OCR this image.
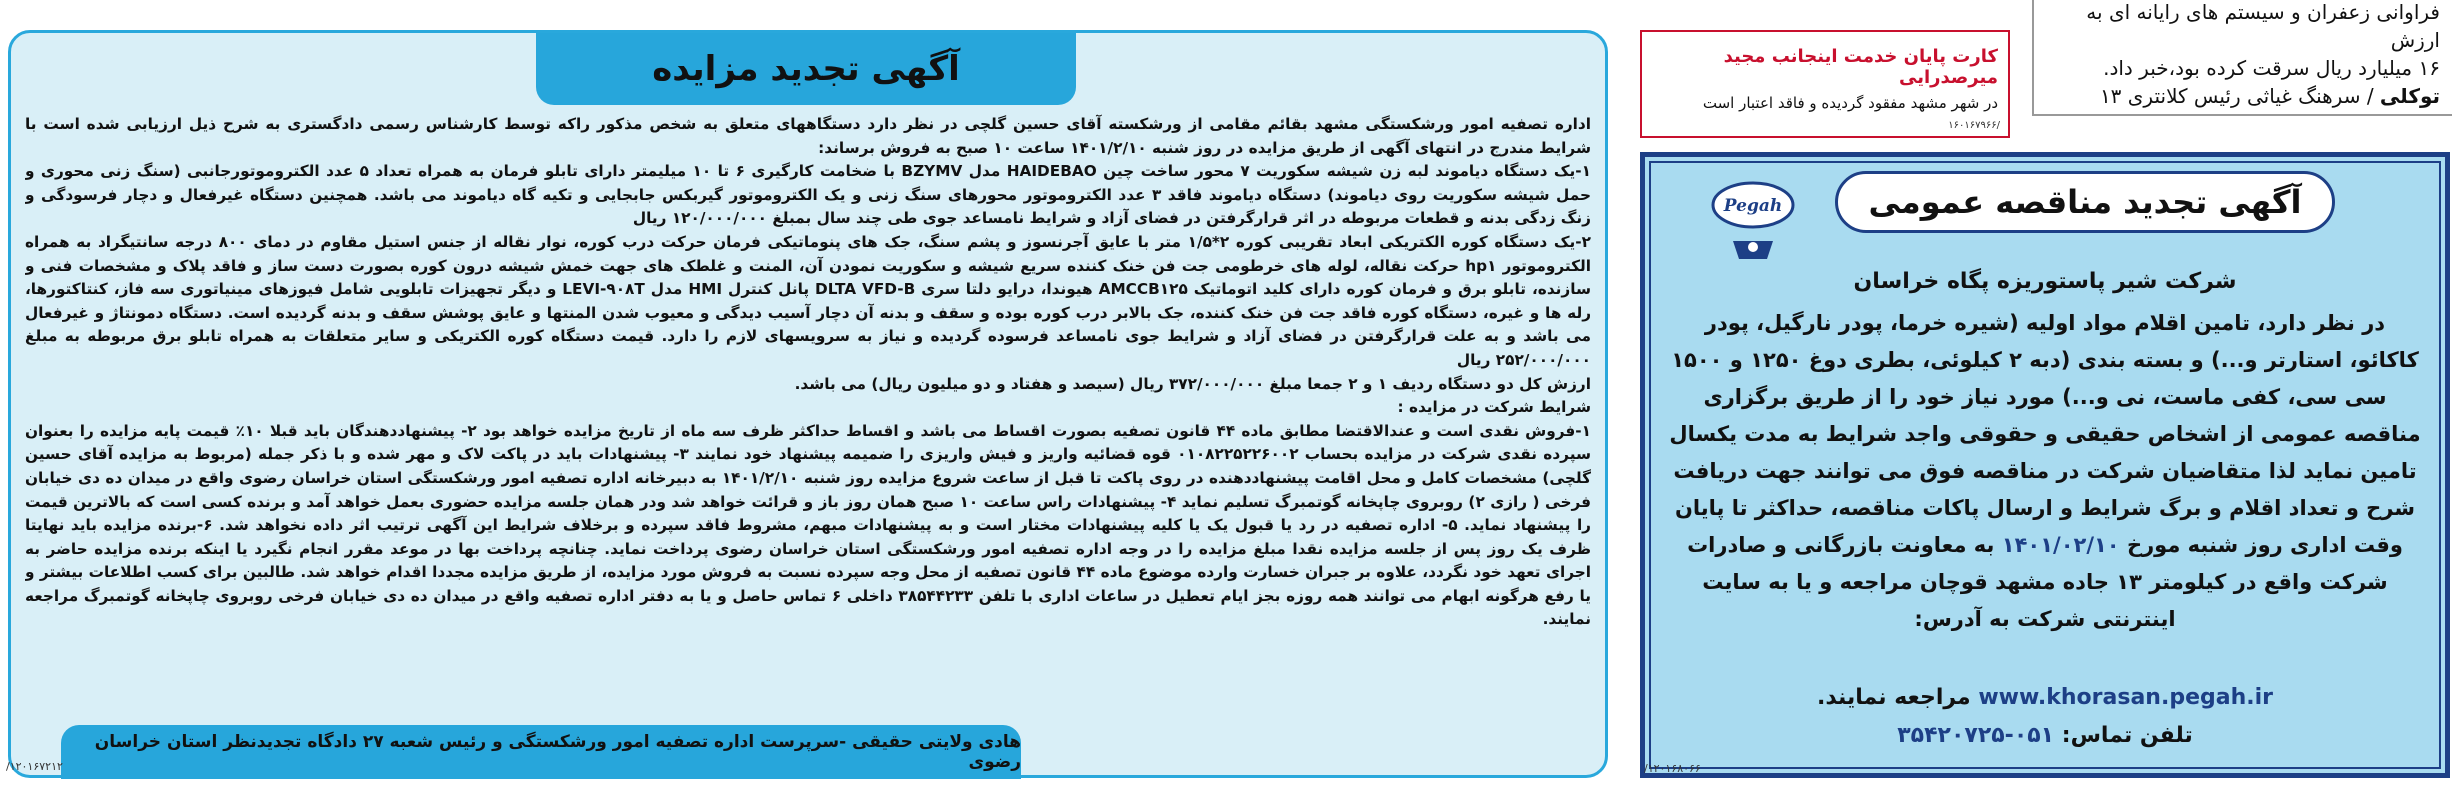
آگهی تجدید مزایده

اداره تصفیه امور ورشکستگی مشهد بقائم مقامی از ورشکسته آقای حسین گلچی در نظر دارد دستگاههای متعلق به شخص مذکور راکه توسط کارشناس رسمی دادگستری به شرح ذیل ارزیابی شده است با شرایط مندرج در انتهای آگهی از طریق مزایده در روز شنبه ۱۴۰۱/۲/۱۰ ساعت ۱۰ صبح به فروش برساند:

۱-یک دستگاه دیاموند لبه زن شیشه سکوریت ۷ محور ساخت چین HAIDEBAO مدل BZYMV با ضخامت کارگیری ۶ تا ۱۰ میلیمتر دارای تابلو فرمان به همراه تعداد ۵ عدد الکتروموتورجانبی (سنگ زنی محوری و حمل شیشه سکوریت روی دیاموند) دستگاه دیاموند فاقد ۳ عدد الکتروموتور محورهای سنگ زنی و یک الکتروموتور گیربکس جابجایی و تکیه گاه دیاموند می باشد. همچنین دستگاه غیرفعال و دچار فرسودگی و زنگ زدگی بدنه و قطعات مربوطه در اثر قرارگرفتن در فضای آزاد و شرایط نامساعد جوی طی چند سال بمبلغ ۱۲۰/۰۰۰/۰۰۰ ریال

۲-یک دستگاه کوره الکتریکی ابعاد تقریبی کوره ۲*۱/۵ متر با عایق آجرنسوز و پشم سنگ، جک های پنوماتیکی فرمان حرکت درب کوره، نوار نقاله از جنس استیل مقاوم در دمای ۸۰۰ درجه سانتیگراد به همراه الکتروموتور hp۱ حرکت نقاله، لوله های خرطومی جت فن خنک کننده سریع شیشه و سکوریت نمودن آن، المنت و غلطک های جهت خمش شیشه درون کوره بصورت دست ساز و فاقد پلاک و مشخصات فنی و سازنده، تابلو برق و فرمان کوره دارای کلید اتوماتیک AMCCB۱۲۵ هیوندا، درایو دلتا سری DLTA VFD-B پانل کنترل HMI مدل LEVI-۹۰۸T و دیگر تجهیزات تابلویی شامل فیوزهای مینیاتوری سه فاز، کنتاکتورها، رله ها و غیره، دستگاه کوره فاقد جت فن خنک کننده، جک بالابر درب کوره بوده و سقف و بدنه آن دچار آسیب دیدگی و معیوب شدن المنتها و عایق پوشش سقف و بدنه گردیده است. دستگاه دمونتاژ و غیرفعال می باشد و به علت قرارگرفتن در فضای آزاد و شرایط جوی نامساعد فرسوده گردیده و نیاز به سرویسهای لازم را دارد. قیمت دستگاه کوره الکتریکی و سایر متعلقات به همراه تابلو برق مربوطه به مبلغ ۲۵۲/۰۰۰/۰۰۰ ریال

ارزش کل دو دستگاه ردیف ۱ و ۲ جمعا مبلغ ۳۷۲/۰۰۰/۰۰۰ ریال (سیصد و هفتاد و دو میلیون ریال) می باشد.

شرایط شرکت در مزایده :

۱-فروش نقدی است و عندالاقتضا مطابق ماده ۴۴ قانون تصفیه بصورت اقساط می باشد و اقساط حداکثر ظرف سه ماه از تاریخ مزایده خواهد بود ۲- پیشنهاددهندگان باید قبلا ۱۰٪ قیمت پایه مزایده را بعنوان سپرده نقدی شرکت در مزایده بحساب ۰۱۰۸۲۲۵۲۲۶۰۰۲ قوه قضائیه واریز و فیش واریزی را ضمیمه پیشنهاد خود نمایند ۳- پیشنهادات باید در پاکت لاک و مهر شده و با ذکر جمله (مربوط به مزایده آقای حسین گلچی) مشخصات کامل و محل اقامت پیشنهاددهنده در روی پاکت تا قبل از ساعت شروع مزایده روز شنبه ۱۴۰۱/۲/۱۰ به دبیرخانه اداره تصفیه امور ورشکستگی استان خراسان رضوی واقع در میدان ده دی خیابان فرخی ( رازی ۲) روبروی چاپخانه گوتمبرگ تسلیم نماید ۴- پیشنهادات راس ساعت ۱۰ صبح همان روز باز و قرائت خواهد شد ودر همان جلسه مزایده حضوری بعمل خواهد آمد و برنده کسی است که بالاترین قیمت را پیشنهاد نماید. ۵- اداره تصفیه در رد یا قبول یک یا کلیه پیشنهادات مختار است و به پیشنهادات مبهم، مشروط فاقد سپرده و برخلاف شرایط این آگهی ترتیب اثر داده نخواهد شد. ۶-برنده مزایده باید نهایتا ظرف یک روز پس از جلسه مزایده نقدا مبلغ مزایده را در وجه اداره تصفیه امور ورشکستگی استان خراسان رضوی پرداخت نماید. چنانچه پرداخت بها در موعد مقرر انجام نگیرد یا اینکه برنده مزایده حاضر به اجرای تعهد خود نگردد، علاوه بر جبران خسارت وارده موضوع ماده ۴۴ قانون تصفیه از محل وجه سپرده نسبت به فروش مورد مزایده، از طریق مزایده مجددا اقدام خواهد شد. طالبین برای کسب اطلاعات بیشتر و یا رفع هرگونه ابهام می توانند همه روزه بجز ایام تعطیل در ساعات اداری با تلفن ۳۸۵۴۴۲۳۳ داخلی ۶ تماس حاصل و یا به دفتر اداره تصفیه واقع در میدان ده دی خیابان فرخی روبروی چاپخانه گوتمبرگ مراجعه نمایند.

هادی ولایتی حقیقی -سرپرست اداره تصفیه امور ورشکستگی و رئیس شعبه ۲۷ دادگاه تجدیدنظر استان خراسان رضوی
/۱۲۰۱۶۷۲۱۲
کارت پایان خدمت اینجانب مجید میرصدرایی
در شهر مشهد مفقود گردیده و فاقد اعتبار است
/۱۶۰۱۶۷۹۶۶

فراوانی زعفران و سیستم های رایانه ای به ارزش

۱۶ میلیارد ریال سرقت کرده بود،خبر داد.

توکلی / سرهنگ غیاثی رئیس کلانتری ۱۳

آگهی تجدید مناقصه عمومی
Pegah
شرکت شیر پاستوریزه پگاه خراسان

در نظر دارد، تامین اقلام مواد اولیه (شیره خرما، پودر نارگیل، پودر کاکائو، استارتر و...) و بسته بندی (دبه ۲ کیلوئی، بطری دوغ ۱۲۵۰ و ۱۵۰۰ سی سی، کفی ماست، نی و...) مورد نیاز خود را از طریق برگزاری مناقصه عمومی از اشخاص حقیقی و حقوقی واجد شرایط به مدت یکسال تامین نماید لذا متقاضیان شرکت در مناقصه فوق می توانند جهت دریافت شرح و تعداد اقلام و برگ شرایط و ارسال پاکات مناقصه، حداکثر تا پایان وقت اداری روز شنبه مورخ ۱۴۰۱/۰۲/۱۰ به معاونت بازرگانی و صادرات شرکت واقع در کیلومتر ۱۳ جاده مشهد قوچان مراجعه و یا به سایت اینترنتی شرکت به آدرس:

www.khorasan.pegah.ir مراجعه نمایند.
تلفن تماس: ۰۵۱-۳۵۴۲۰۷۲۵
/۱۲۰۱۶۸۰۶۶
